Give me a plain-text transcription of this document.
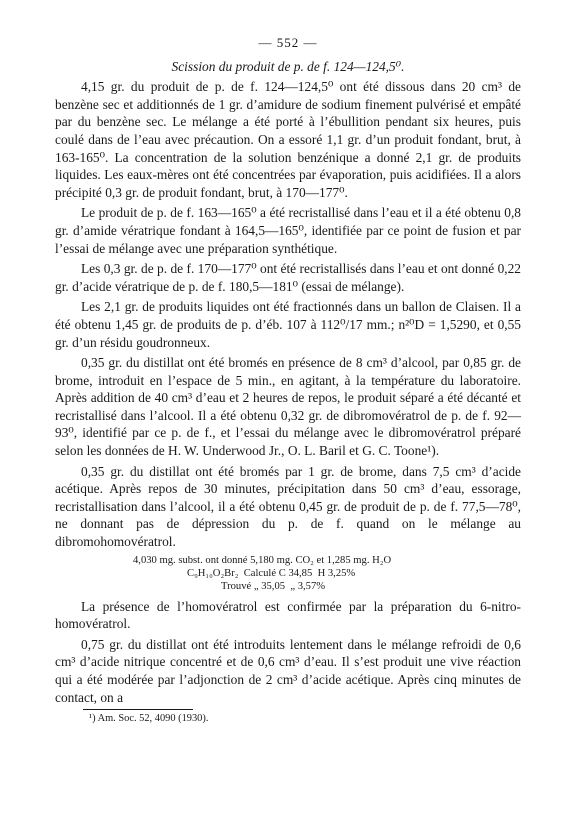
— 552 —
Scission du produit de p. de f. 124—124,5⁰.

4,15 gr. du produit de p. de f. 124—124,5⁰ ont été dissous dans 20 cm³ de benzène sec et additionnés de 1 gr. d’amidure de sodium finement pulvérisé et empâté par du benzène sec. Le mélange a été porté à l’ébullition pendant six heures, puis coulé dans de l’eau avec précaution. On a essoré 1,1 gr. d’un produit fondant, brut, à 163-165⁰. La concentration de la solution benzénique a donné 2,1 gr. de produits liquides. Les eaux-mères ont été concentrées par évaporation, puis acidifiées. Il a alors précipité 0,3 gr. de produit fondant, brut, à 170—177⁰.

Le produit de p. de f. 163—165⁰ a été recristallisé dans l’eau et il a été obtenu 0,8 gr. d’amide vératrique fondant à 164,5—165⁰, identifiée par ce point de fusion et par l’essai de mélange avec une préparation synthétique.

Les 0,3 gr. de p. de f. 170—177⁰ ont été recristallisés dans l’eau et ont donné 0,22 gr. d’acide vératrique de p. de f. 180,5—181⁰ (essai de mélange).

Les 2,1 gr. de produits liquides ont été fractionnés dans un ballon de Claisen. Il a été obtenu 1,45 gr. de produits de p. d’éb. 107 à 112⁰/17 mm.; n²⁰D = 1,5290, et 0,55 gr. d’un résidu goudronneux.

0,35 gr. du distillat ont été bromés en présence de 8 cm³ d’alcool, par 0,85 gr. de brome, introduit en l’espace de 5 min., en agitant, à la température du laboratoire. Après addition de 40 cm³ d’eau et 2 heures de repos, le produit séparé a été décanté et recristallisé dans l’alcool. Il a été obtenu 0,32 gr. de dibromovératrol de p. de f. 92—93⁰, identifié par ce p. de f., et l’essai du mélange avec le dibromovératrol préparé selon les données de H. W. Underwood Jr., O. L. Baril et G. C. Toone¹).

0,35 gr. du distillat ont été bromés par 1 gr. de brome, dans 7,5 cm³ d’acide acétique. Après repos de 30 minutes, précipitation dans 50 cm³ d’eau, essorage, recristallisation dans l’alcool, il a été obtenu 0,45 gr. de produit de p. de f. 77,5—78⁰, ne donnant pas de dépression du p. de f. quand on le mélange au dibromohomovératrol.

4,030 mg. subst. ont donné 5,180 mg. CO₂ et 1,285 mg. H₂O
C₉H₁₀O₂Br₂  Calculé C 34,85  H 3,25%
Trouvé „ 35,05  „ 3,57%

La présence de l’homovératrol est confirmée par la préparation du 6-nitro-homovératrol.

0,75 gr. du distillat ont été introduits lentement dans le mélange refroidi de 0,6 cm³ d’acide nitrique concentré et de 0,6 cm³ d’eau. Il s’est produit une vive réaction qui a été modérée par l’adjonction de 2 cm³ d’acide acétique. Après cinq minutes de contact, on a

¹) Am. Soc. 52, 4090 (1930).
